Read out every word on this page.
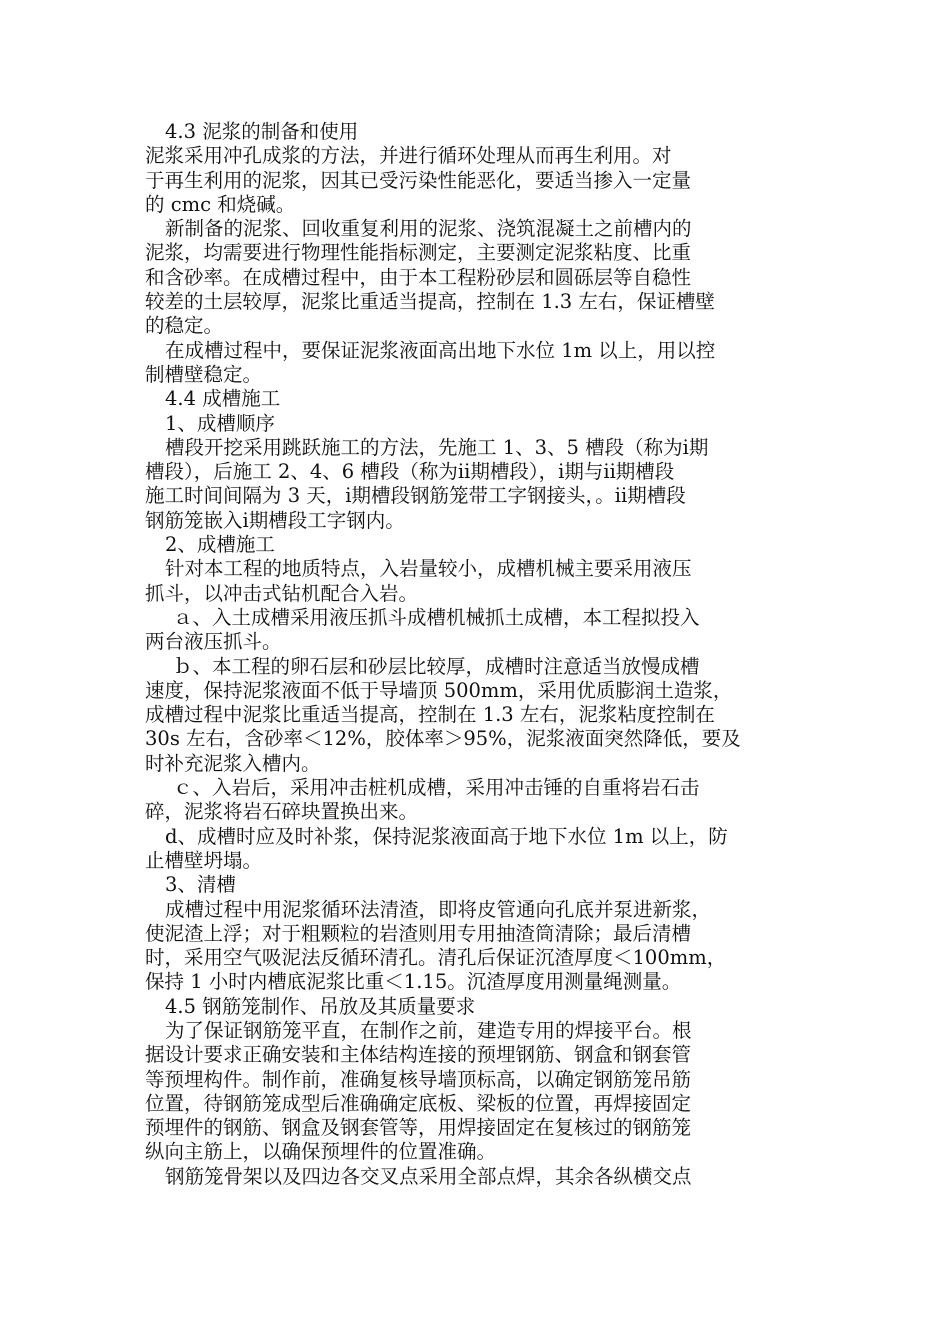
4.3 泥浆的制备和使用
泥浆采用冲孔成浆的方法，并进行循环处理从而再生利用。对
于再生利用的泥浆，因其已受污染性能恶化，要适当掺入一定量
的 cmc 和烧碱。
新制备的泥浆、回收重复利用的泥浆、浇筑混凝土之前槽内的
泥浆，均需要进行物理性能指标测定，主要测定泥浆粘度、比重
和含砂率。在成槽过程中，由于本工程粉砂层和圆砾层等自稳性
较差的土层较厚，泥浆比重适当提高，控制在 1.3 左右，保证槽壁
的稳定。
在成槽过程中，要保证泥浆液面高出地下水位 1m 以上，用以控
制槽壁稳定。
4.4 成槽施工
1、成槽顺序
槽段开挖采用跳跃施工的方法，先施工 1、3、5 槽段（称为ⅰ期
槽段），后施工 2、4、6 槽段（称为ⅱ期槽段），ⅰ期与ⅱ期槽段
施工时间间隔为 3 天，ⅰ期槽段钢筋笼带工字钢接头，。ⅱ期槽段
钢筋笼嵌入ⅰ期槽段工字钢内。
2、成槽施工
针对本工程的地质特点，入岩量较小，成槽机械主要采用液压
抓斗，以冲击式钻机配合入岩。
ａ、入土成槽采用液压抓斗成槽机械抓土成槽，本工程拟投入
两台液压抓斗。
ｂ、本工程的卵石层和砂层比较厚，成槽时注意适当放慢成槽
速度，保持泥浆液面不低于导墙顶 500mm，采用优质膨润土造浆，
成槽过程中泥浆比重适当提高，控制在 1.3 左右，泥浆粘度控制在
30s 左右，含砂率＜12%，胶体率＞95%，泥浆液面突然降低，要及
时补充泥浆入槽内。
ｃ、入岩后，采用冲击桩机成槽，采用冲击锤的自重将岩石击
碎，泥浆将岩石碎块置换出来。
d、成槽时应及时补浆，保持泥浆液面高于地下水位 1m 以上，防
止槽壁坍塌。
3、清槽
成槽过程中用泥浆循环法清渣，即将皮管通向孔底并泵进新浆，
使泥渣上浮；对于粗颗粒的岩渣则用专用抽渣筒清除；最后清槽
时，采用空气吸泥法反循环清孔。清孔后保证沉渣厚度＜100mm，
保持 1 小时内槽底泥浆比重＜1.15。沉渣厚度用测量绳测量。
4.5 钢筋笼制作、吊放及其质量要求
为了保证钢筋笼平直，在制作之前，建造专用的焊接平台。根
据设计要求正确安装和主体结构连接的预埋钢筋、钢盒和钢套管
等预埋构件。制作前，准确复核导墙顶标高，以确定钢筋笼吊筋
位置，待钢筋笼成型后准确确定底板、梁板的位置，再焊接固定
预埋件的钢筋、钢盒及钢套管等，用焊接固定在复核过的钢筋笼
纵向主筋上，以确保预埋件的位置准确。
钢筋笼骨架以及四边各交叉点采用全部点焊，其余各纵横交点
